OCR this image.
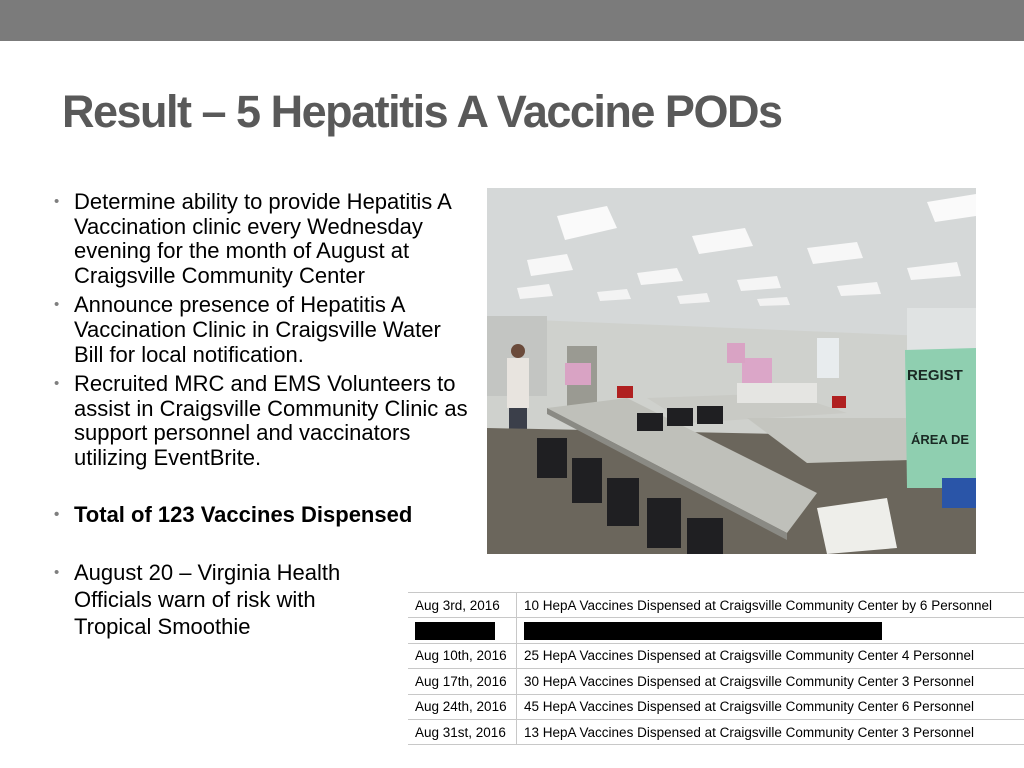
Result – 5 Hepatitis A Vaccine PODs
• Determine ability to provide Hepatitis A Vaccination clinic every Wednesday evening for the month of August at Craigsville Community Center
• Announce presence of Hepatitis A Vaccination Clinic in Craigsville Water Bill for local notification.
• Recruited MRC and EMS Volunteers to assist in Craigsville Community Clinic as support personnel and vaccinators utilizing EventBrite.
• Total of 123 Vaccines Dispensed
• August 20 – Virginia Health Officials warn of risk with Tropical Smoothie
REGIST
ÁREA DE
Aug 3rd, 2016	10 HepA Vaccines Dispensed at Craigsville Community Center by 6 Personnel

Aug 10th, 2016	25 HepA Vaccines Dispensed at Craigsville Community Center 4 Personnel
Aug 17th, 2016	30 HepA Vaccines Dispensed at Craigsville Community Center 3 Personnel
Aug 24th, 2016	45 HepA Vaccines Dispensed at Craigsville Community Center 6 Personnel
Aug 31st, 2016	13 HepA Vaccines Dispensed at Craigsville Community Center 3 Personnel
